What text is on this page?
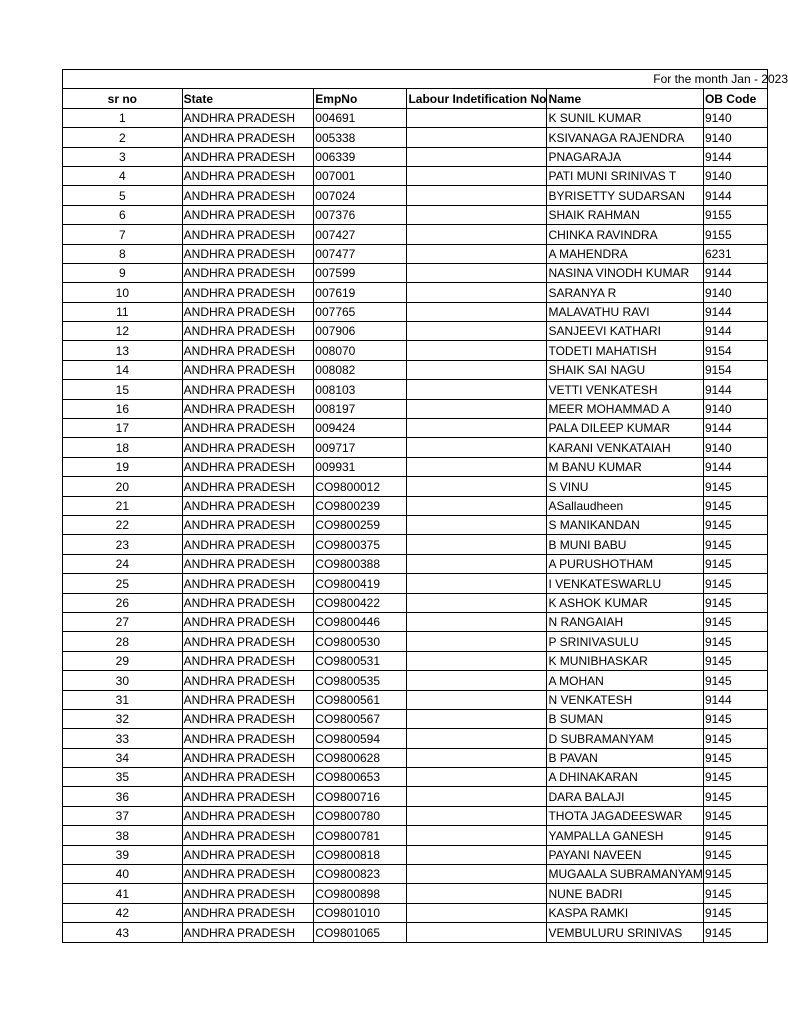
For the month Jan - 2023					
sr no	State	EmpNo	Labour Indetification No	Name	OB Code
1	ANDHRA PRADESH	004691		K SUNIL KUMAR	9140
2	ANDHRA PRADESH	005338		KSIVANAGA RAJENDRA	9140
3	ANDHRA PRADESH	006339		PNAGARAJA	9144
4	ANDHRA PRADESH	007001		PATI MUNI SRINIVAS T	9140
5	ANDHRA PRADESH	007024		BYRISETTY SUDARSAN	9144
6	ANDHRA PRADESH	007376		SHAIK RAHMAN	9155
7	ANDHRA PRADESH	007427		CHINKA RAVINDRA	9155
8	ANDHRA PRADESH	007477		A MAHENDRA	6231
9	ANDHRA PRADESH	007599		NASINA VINODH KUMAR	9144
10	ANDHRA PRADESH	007619		SARANYA R	9140
11	ANDHRA PRADESH	007765		MALAVATHU RAVI	9144
12	ANDHRA PRADESH	007906		SANJEEVI KATHARI	9144
13	ANDHRA PRADESH	008070		TODETI MAHATISH	9154
14	ANDHRA PRADESH	008082		SHAIK SAI NAGU	9154
15	ANDHRA PRADESH	008103		VETTI VENKATESH	9144
16	ANDHRA PRADESH	008197		MEER MOHAMMAD A	9140
17	ANDHRA PRADESH	009424		PALA DILEEP KUMAR	9144
18	ANDHRA PRADESH	009717		KARANI VENKATAIAH	9140
19	ANDHRA PRADESH	009931		M BANU KUMAR	9144
20	ANDHRA PRADESH	CO9800012		S VINU	9145
21	ANDHRA PRADESH	CO9800239		ASallaudheen	9145
22	ANDHRA PRADESH	CO9800259		S MANIKANDAN	9145
23	ANDHRA PRADESH	CO9800375		B MUNI BABU	9145
24	ANDHRA PRADESH	CO9800388		A PURUSHOTHAM	9145
25	ANDHRA PRADESH	CO9800419		I VENKATESWARLU	9145
26	ANDHRA PRADESH	CO9800422		K ASHOK KUMAR	9145
27	ANDHRA PRADESH	CO9800446		N RANGAIAH	9145
28	ANDHRA PRADESH	CO9800530		P SRINIVASULU	9145
29	ANDHRA PRADESH	CO9800531		K MUNIBHASKAR	9145
30	ANDHRA PRADESH	CO9800535		A MOHAN	9145
31	ANDHRA PRADESH	CO9800561		N VENKATESH	9144
32	ANDHRA PRADESH	CO9800567		B SUMAN	9145
33	ANDHRA PRADESH	CO9800594		D SUBRAMANYAM	9145
34	ANDHRA PRADESH	CO9800628		B PAVAN	9145
35	ANDHRA PRADESH	CO9800653		A DHINAKARAN	9145
36	ANDHRA PRADESH	CO9800716		DARA BALAJI	9145
37	ANDHRA PRADESH	CO9800780		THOTA JAGADEESWAR	9145
38	ANDHRA PRADESH	CO9800781		YAMPALLA GANESH	9145
39	ANDHRA PRADESH	CO9800818		PAYANI NAVEEN	9145
40	ANDHRA PRADESH	CO9800823		MUGAALA SUBRAMANYAM	9145
41	ANDHRA PRADESH	CO9800898		NUNE BADRI	9145
42	ANDHRA PRADESH	CO9801010		KASPA RAMKI	9145
43	ANDHRA PRADESH	CO9801065		VEMBULURU SRINIVAS	9145
